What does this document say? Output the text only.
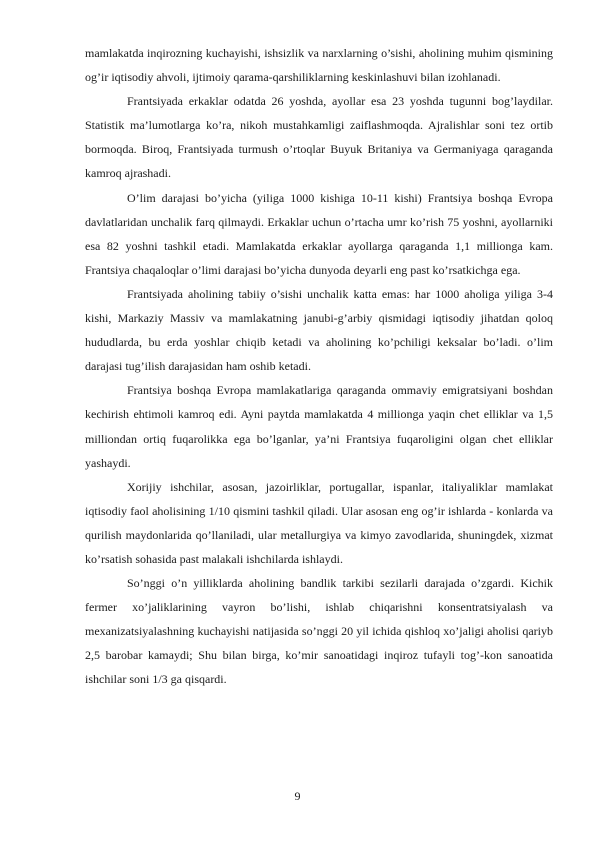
mamlakatda inqirozning kuchayishi, ishsizlik va narxlarning o’sishi, aholining muhim qismining og’ir iqtisodiy ahvoli, ijtimoiy qarama-qarshiliklarning keskinlashuvi bilan izohlanadi.

Frantsiyada erkaklar odatda 26 yoshda, ayollar esa 23 yoshda tugunni bog’laydilar. Statistik ma’lumotlarga ko’ra, nikoh mustahkamligi zaiflashmoqda. Ajralishlar soni tez ortib bormoqda. Biroq, Frantsiyada turmush o’rtoqlar Buyuk Britaniya va Germaniyaga qaraganda kamroq ajrashadi.

O’lim darajasi bo’yicha (yiliga 1000 kishiga 10-11 kishi) Frantsiya boshqa Evropa davlatlaridan unchalik farq qilmaydi. Erkaklar uchun o’rtacha umr ko’rish 75 yoshni, ayollarniki esa 82 yoshni tashkil etadi. Mamlakatda erkaklar ayollarga qaraganda 1,1 millionga kam. Frantsiya chaqaloqlar o’limi darajasi bo’yicha dunyoda deyarli eng past ko’rsatkichga ega.

Frantsiyada aholining tabiiy o’sishi unchalik katta emas: har 1000 aholiga yiliga 3-4 kishi, Markaziy Massiv va mamlakatning janubi-g’arbiy qismidagi iqtisodiy jihatdan qoloq hududlarda, bu erda yoshlar chiqib ketadi va aholining ko’pchiligi keksalar bo’ladi. o’lim darajasi tug’ilish darajasidan ham oshib ketadi.

Frantsiya boshqa Evropa mamlakatlariga qaraganda ommaviy emigratsiyani boshdan kechirish ehtimoli kamroq edi. Ayni paytda mamlakatda 4 millionga yaqin chet elliklar va 1,5 milliondan ortiq fuqarolikka ega bo’lganlar, ya’ni Frantsiya fuqaroligini olgan chet elliklar yashaydi.

Xorijiy ishchilar, asosan, jazoirliklar, portugallar, ispanlar, italiyaliklar mamlakat iqtisodiy faol aholisining 1/10 qismini tashkil qiladi. Ular asosan eng og’ir ishlarda - konlarda va qurilish maydonlarida qo’llaniladi, ular metallurgiya va kimyo zavodlarida, shuningdek, xizmat ko’rsatish sohasida past malakali ishchilarda ishlaydi.

So’nggi o’n yilliklarda aholining bandlik tarkibi sezilarli darajada o’zgardi. Kichik fermer xo’jaliklarining vayron bo’lishi, ishlab chiqarishni konsentratsiyalash va mexanizatsiyalashning kuchayishi natijasida so’nggi 20 yil ichida qishloq xo’jaligi aholisi qariyb 2,5 barobar kamaydi; Shu bilan birga, ko’mir sanoatidagi inqiroz tufayli tog’-kon sanoatida ishchilar soni 1/3 ga qisqardi.

9
